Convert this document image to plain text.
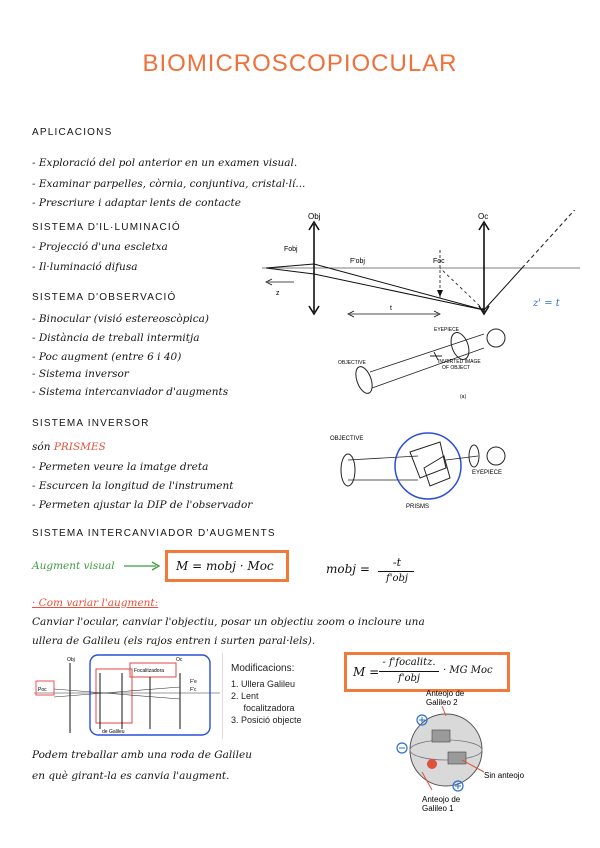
BIOMICROSCOPIOCULAR
APLICACIONS
- Exploració del pol anterior en un examen visual.
- Examinar parpelles, còrnia, conjuntiva, cristal·lí...
- Prescriure i adaptar lents de contacte
SISTEMA D'IL·LUMINACIÓ
- Projecció d'una escletxa
- Il·luminació difusa
SISTEMA D'OBSERVACIÓ
- Binocular (visió estereoscòpica)
- Distància de treball intermitja
- Poc augment (entre 6 i 40)
- Sistema inversor
- Sistema intercanviador d'augments
SISTEMA INVERSOR
són PRISMES
- Permeten veure la imatge dreta
- Escurcen la longitud de l'instrument
- Permeten ajustar la DIP de l'observador
SISTEMA INTERCANVIADOR D'AUGMENTS
Augment visual	M = mobj · Moc	mobj =	-t
f'obj
· Com variar l'augment:
Canviar l'ocular, canviar l'objectiu, posar un objectiu zoom o incloure una
ullera de Galileu (els rajos entren i surten paral·lels).
M =
- f'focalitz.
f'obj
· MG Moc
Podem treballar amb una roda de Galileu
en què girant-la es canvia l'augment.
Obj	Oc
Fobj
F'obj	Foc
z
t	z' = t
EYEPIECE
OBJECTIVE	INVERTED IMAGE
OF OBJECT
(a)
OBJECTIVE
EYEPIECE
PRISMS
Poc
Obj
Focalitzadora
de Galileu
F'e
F'c
Oc
Modificacions:
1. Ullera Galileu
2. Lent
focalitzadora
3. Posició objecte
Anteojo de
Galileo 2
Sin anteojo
Anteojo de
Galileo 1
